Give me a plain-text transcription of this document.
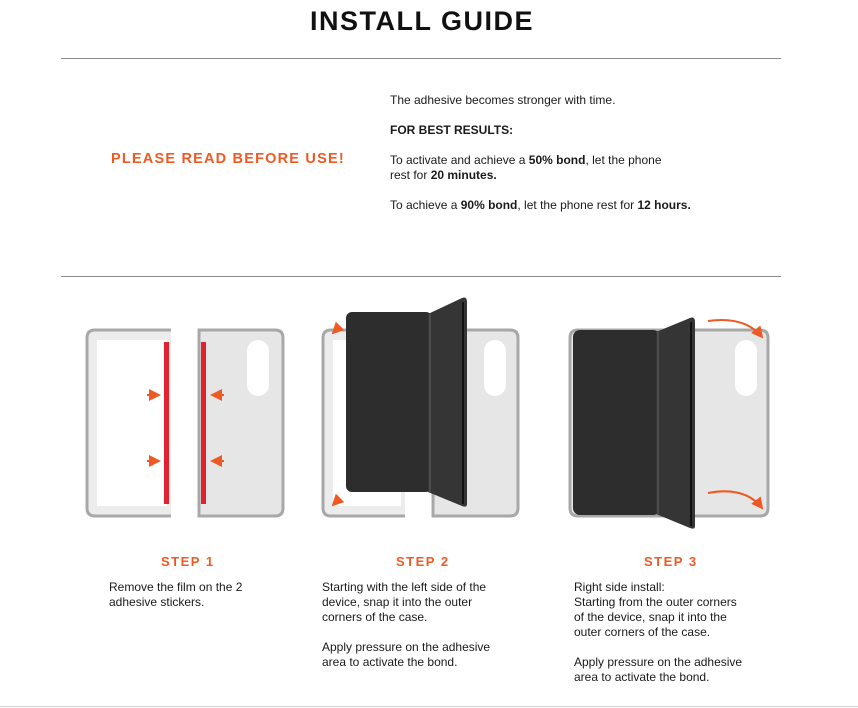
INSTALL GUIDE
PLEASE READ BEFORE USE!

The adhesive becomes stronger with time.

FOR BEST RESULTS:

To activate and achieve a 50% bond, let the phone
rest for 20 minutes.

To achieve a 90% bond, let the phone rest for 12 hours.

STEP 1

Remove the film on the 2

adhesive stickers.

STEP 2

Starting with the left side of the

device, snap it into the outer

corners of the case.

Apply pressure on the adhesive

area to activate the bond.

STEP 3

Right side install:

Starting from the outer corners

of the device, snap it into the

outer corners of the case.

Apply pressure on the adhesive

area to activate the bond.
